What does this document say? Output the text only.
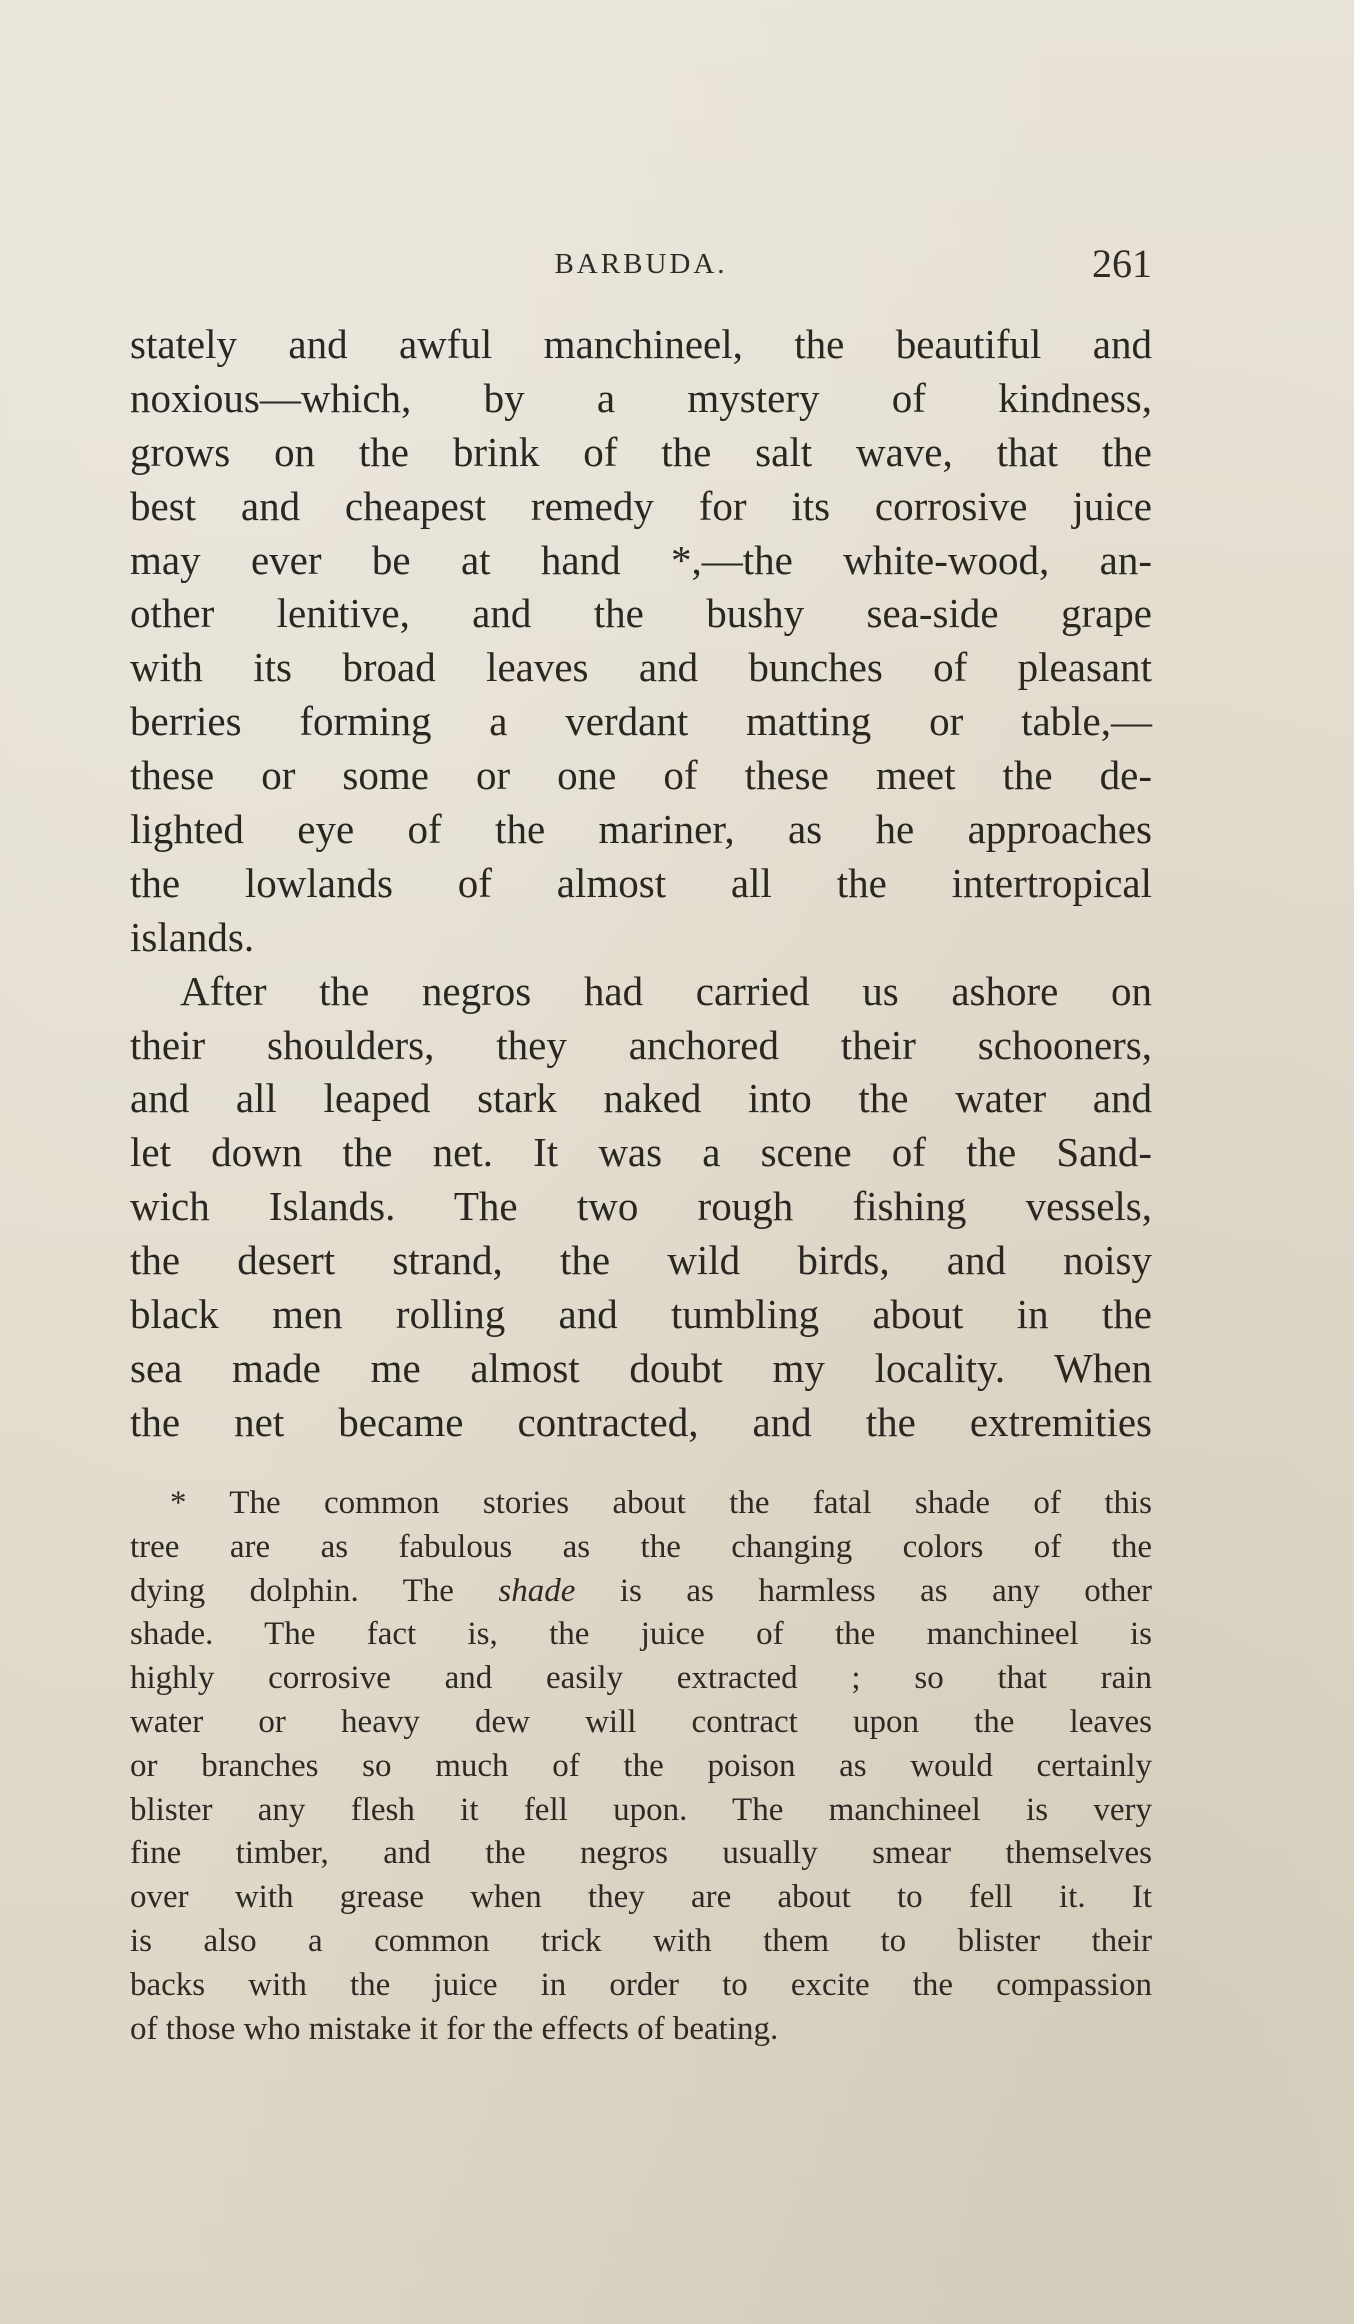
BARBUDA.	261
stately and awful manchineel, the beautiful and
noxious—which, by a mystery of kindness,
grows on the brink of the salt wave, that the
best and cheapest remedy for its corrosive juice
may ever be at hand *,—the white-wood, an-
other lenitive, and the bushy sea-side grape
with its broad leaves and bunches of pleasant
berries forming a verdant matting or table,—
these or some or one of these meet the de-
lighted eye of the mariner, as he approaches
the lowlands of almost all the intertropical
islands.
After the negros had carried us ashore on
their shoulders, they anchored their schooners,
and all leaped stark naked into the water and
let down the net. It was a scene of the Sand-
wich Islands. The two rough fishing vessels,
the desert strand, the wild birds, and noisy
black men rolling and tumbling about in the
sea made me almost doubt my locality. When
the net became contracted, and the extremities
* The common stories about the fatal shade of this
tree are as fabulous as the changing colors of the
dying dolphin. The shade is as harmless as any other
shade. The fact is, the juice of the manchineel is
highly corrosive and easily extracted ; so that rain
water or heavy dew will contract upon the leaves
or branches so much of the poison as would certainly
blister any flesh it fell upon. The manchineel is very
fine timber, and the negros usually smear themselves
over with grease when they are about to fell it. It
is also a common trick with them to blister their
backs with the juice in order to excite the compassion
of those who mistake it for the effects of beating.
